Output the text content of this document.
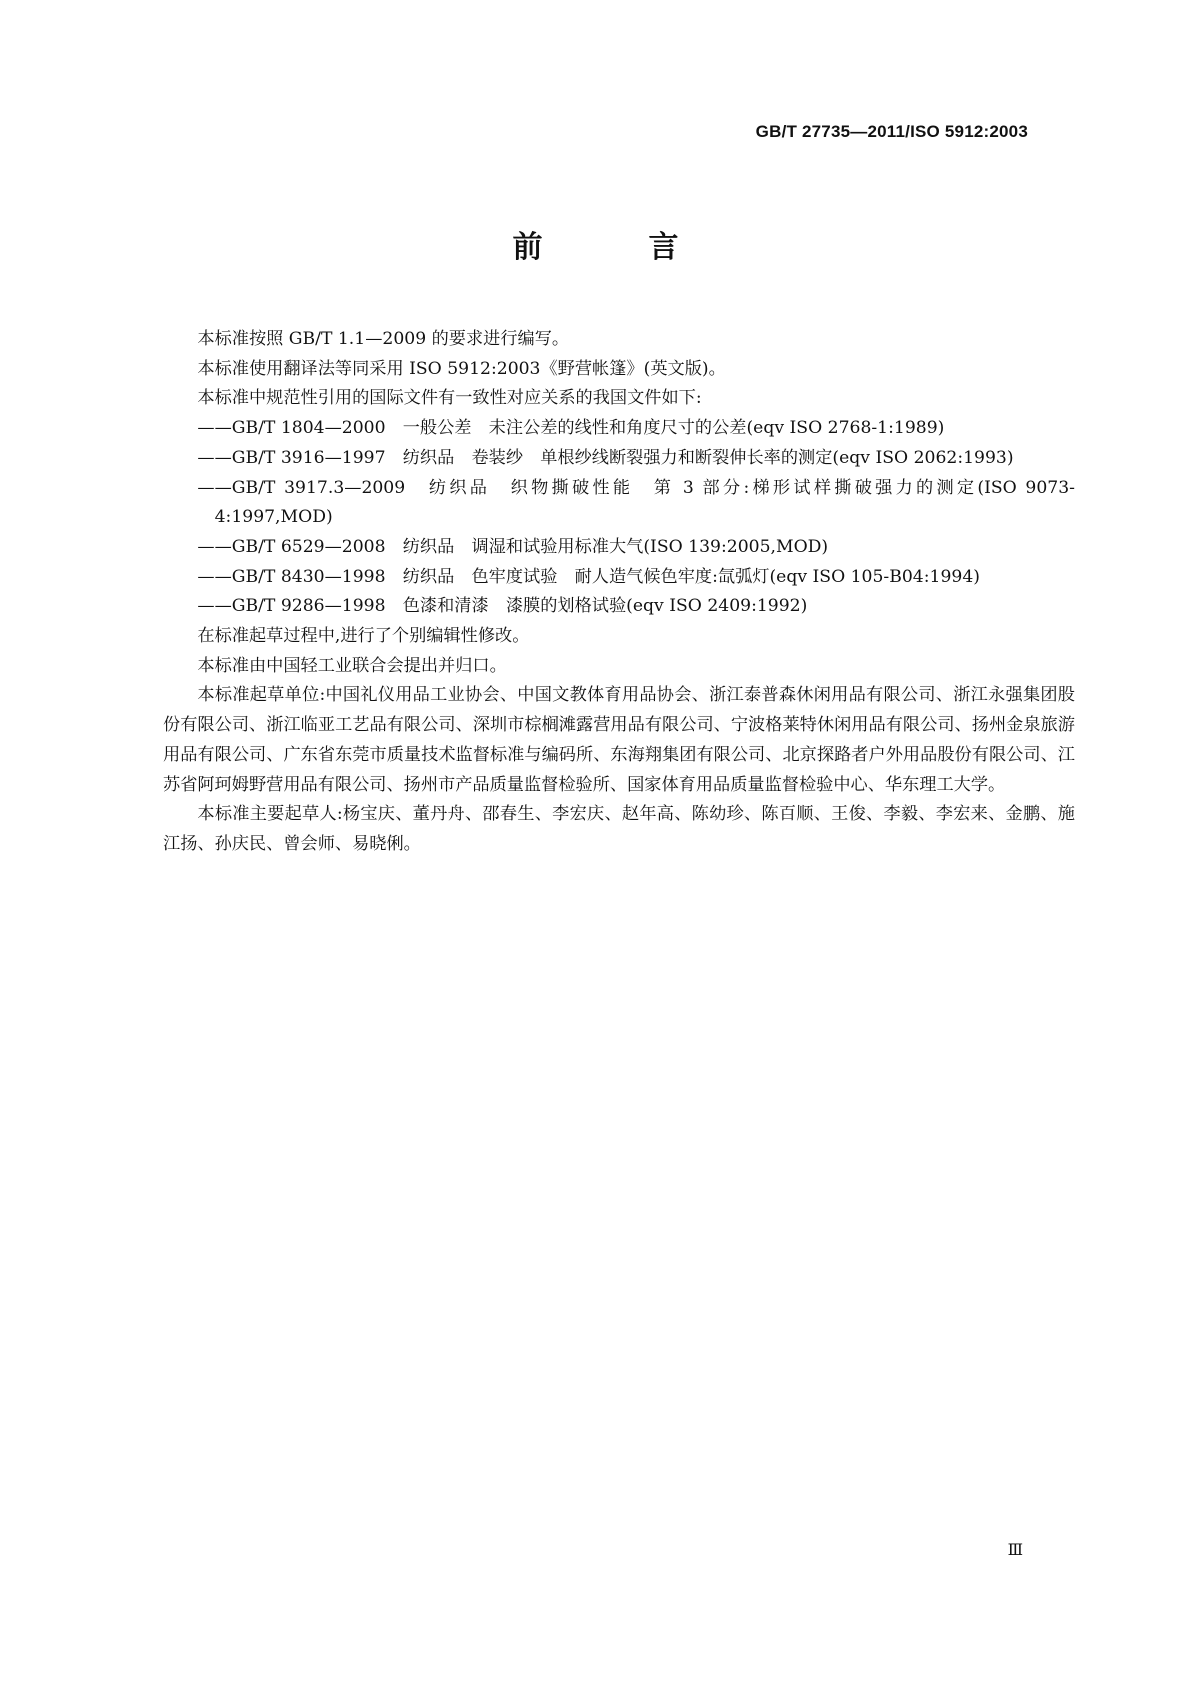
GB/T 27735—2011/ISO 5912:2003
前　言

本标准按照 GB/T 1.1—2009 的要求进行编写。

本标准使用翻译法等同采用 ISO 5912:2003《野营帐篷》(英文版)。

本标准中规范性引用的国际文件有一致性对应关系的我国文件如下:

——GB/T 1804—2000　一般公差　未注公差的线性和角度尺寸的公差(eqv ISO 2768-1:1989)
——GB/T 3916—1997　纺织品　卷装纱　单根纱线断裂强力和断裂伸长率的测定(eqv ISO 2062:1993)
——GB/T 3917.3—2009　纺织品　织物撕破性能　第 3 部分:梯形试样撕破强力的测定(ISO 9073-4:1997,MOD)
——GB/T 6529—2008　纺织品　调湿和试验用标准大气(ISO 139:2005,MOD)
——GB/T 8430—1998　纺织品　色牢度试验　耐人造气候色牢度:氙弧灯(eqv ISO 105-B04:1994)
——GB/T 9286—1998　色漆和清漆　漆膜的划格试验(eqv ISO 2409:1992)

在标准起草过程中,进行了个别编辑性修改。

本标准由中国轻工业联合会提出并归口。

本标准起草单位:中国礼仪用品工业协会、中国文教体育用品协会、浙江泰普森休闲用品有限公司、浙江永强集团股份有限公司、浙江临亚工艺品有限公司、深圳市棕榈滩露营用品有限公司、宁波格莱特休闲用品有限公司、扬州金泉旅游用品有限公司、广东省东莞市质量技术监督标准与编码所、东海翔集团有限公司、北京探路者户外用品股份有限公司、江苏省阿珂姆野营用品有限公司、扬州市产品质量监督检验所、国家体育用品质量监督检验中心、华东理工大学。

本标准主要起草人:杨宝庆、董丹舟、邵春生、李宏庆、赵年高、陈幼珍、陈百顺、王俊、李毅、李宏来、金鹏、施江扬、孙庆民、曾会师、易晓俐。

Ⅲ
